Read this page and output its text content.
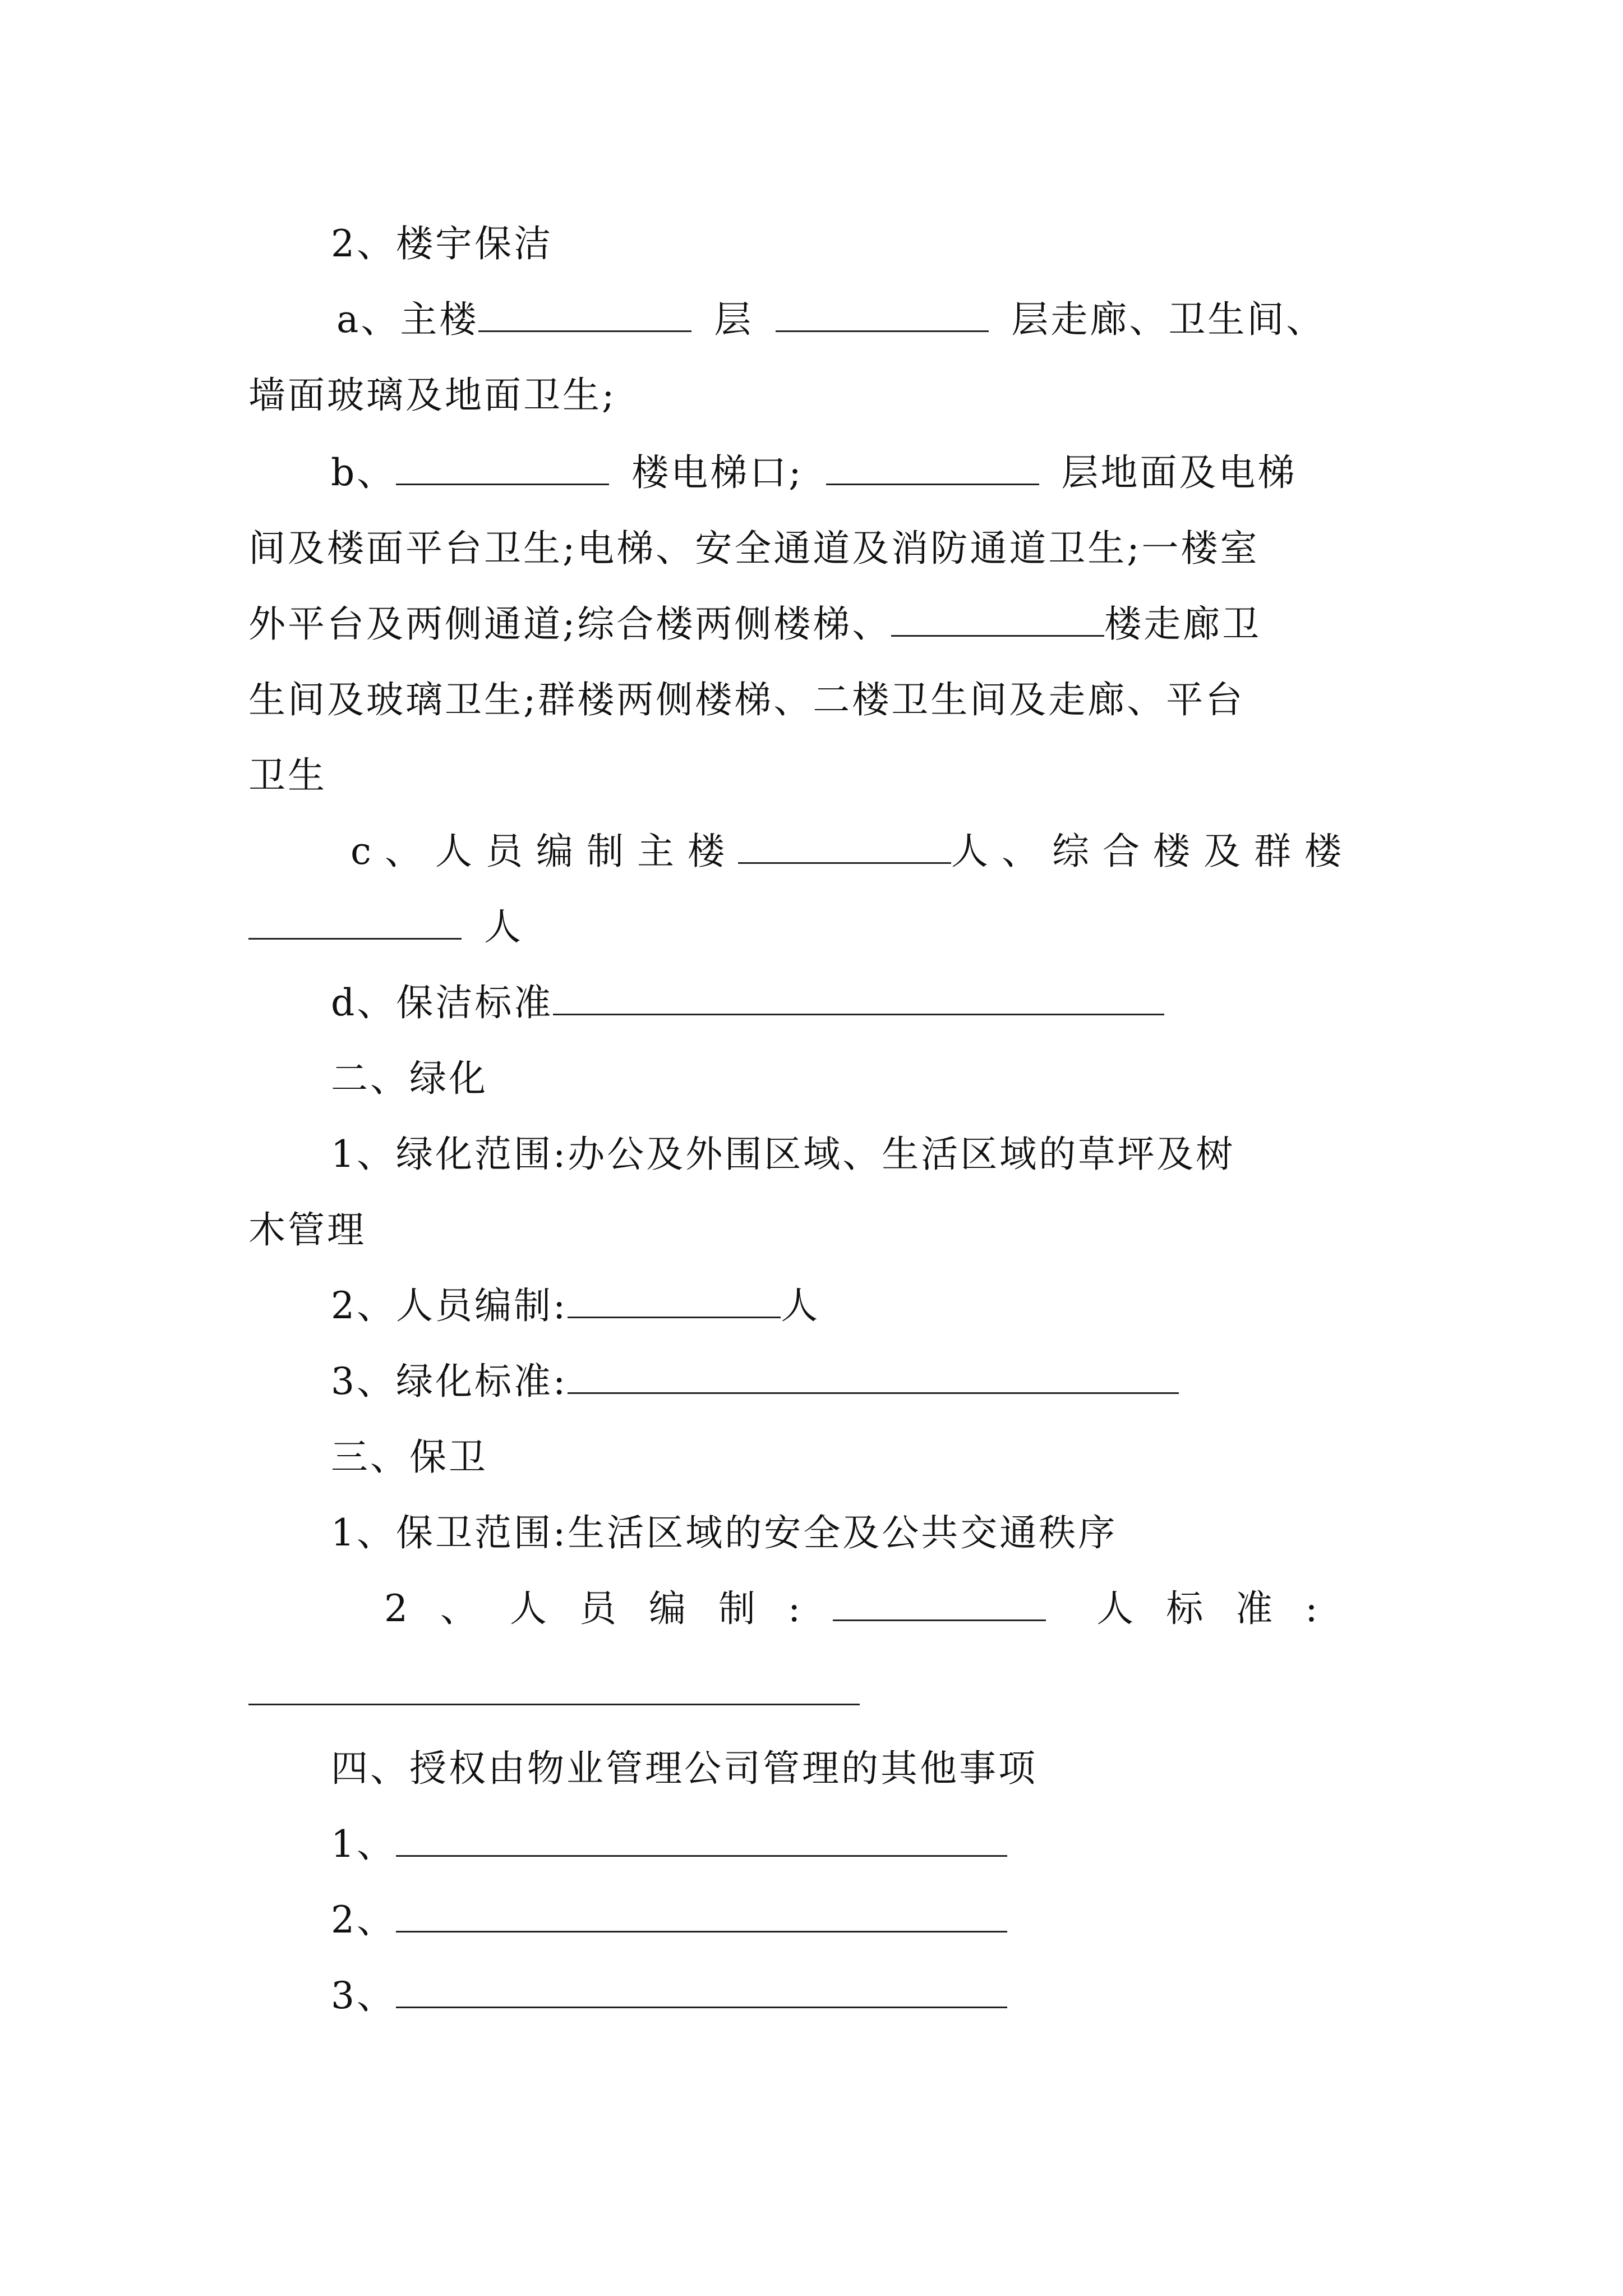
2、楼宇保洁
a、主楼	层	层走廊、卫生间、
墙面玻璃及地面卫生;
b、	楼电梯口;	层地面及电梯
间及楼面平台卫生;电梯、安全通道及消防通道卫生;一楼室
外平台及两侧通道;综合楼两侧楼梯、	楼走廊卫
生间及玻璃卫生;群楼两侧楼梯、二楼卫生间及走廊、平台
卫生
c、人员编制主楼	人、综合楼及群楼
人
d、保洁标准
二、绿化
1、绿化范围:办公及外围区域、生活区域的草坪及树
木管理
2、人员编制:	人
3、绿化标准:
三、保卫
1、保卫范围:生活区域的安全及公共交通秩序
2、人员编制:	人标准:
四、授权由物业管理公司管理的其他事项
1、
2、
3、
